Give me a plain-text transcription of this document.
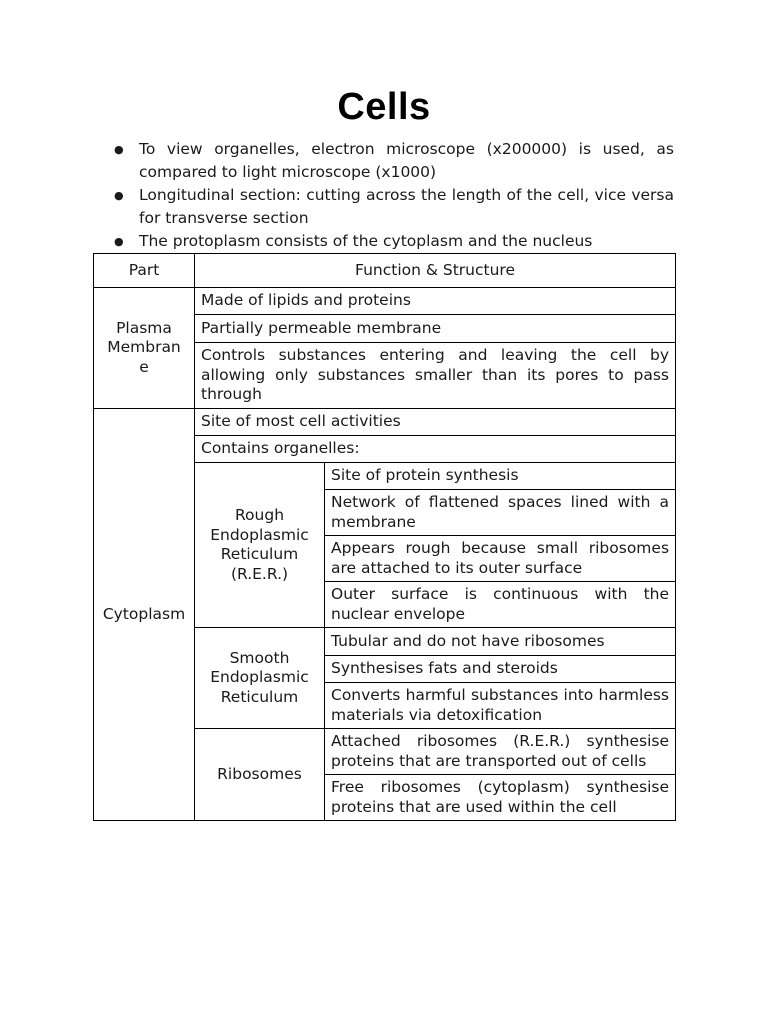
Cells
● To view organelles, electron microscope (x200000) is used, as compared to light microscope (x1000)
● Longitudinal section: cutting across the length of the cell, vice versa for transverse section
● The protoplasm consists of the cytoplasm and the nucleus
Part	Function & Structure	
Plasma Membran e	Made of lipids and proteins	
	Partially permeable membrane	
	Controls substances entering and leaving the cell by allowing only substances smaller than its pores to pass through	
Cytoplasm	Site of most cell activities	
	Contains organelles:	
	Rough Endoplasmic Reticulum (R.E.R.)	Site of protein synthesis
		Network of flattened spaces lined with a membrane
		Appears rough because small ribosomes are attached to its outer surface
		Outer surface is continuous with the nuclear envelope
	Smooth Endoplasmic Reticulum	Tubular and do not have ribosomes
		Synthesises fats and steroids
		Converts harmful substances into harmless materials via detoxification
	Ribosomes	Attached ribosomes (R.E.R.) synthesise proteins that are transported out of cells
		Free ribosomes (cytoplasm) synthesise proteins that are used within the cell
